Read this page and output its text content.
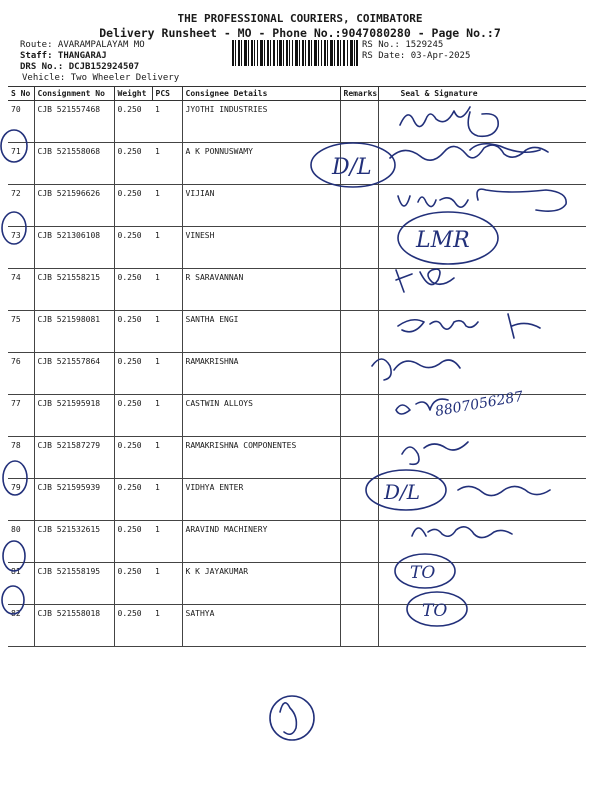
THE PROFESSIONAL COURIERS, COIMBATORE
Delivery Runsheet - MO - Phone No.:9047080280 - Page No.:7
Route: AVARAMPALAYAM MO
Staff: THANGARAJ
DRS No.: DCJB152924507
Vehicle: Two Wheeler Delivery
RS No.: 1529245
RS Date: 03-Apr-2025
S No	Consignment No	Weight	PCS	Consignee Details	Remarks	Seal & Signature
70	CJB 521557468	0.250	1	JYOTHI INDUSTRIES		
71	CJB 521558068	0.250	1	A K PONNUSWAMY		
72	CJB 521596626	0.250	1	VIJIAN		
73	CJB 521306108	0.250	1	VINESH		
74	CJB 521558215	0.250	1	R SARAVANNAN		
75	CJB 521598081	0.250	1	SANTHA ENGI		
76	CJB 521557864	0.250	1	RAMAKRISHNA		
77	CJB 521595918	0.250	1	CASTWIN ALLOYS		
78	CJB 521587279	0.250	1	RAMAKRISHNA COMPONENTES		
79	CJB 521595939	0.250	1	VIDHYA ENTER		
80	CJB 521532615	0.250	1	ARAVIND MACHINERY		
81	CJB 521558195	0.250	1	K K JAYAKUMAR		
82	CJB 521558018	0.250	1	SATHYA		
8807056287
D/L
LMR
D/L
TO
TO
